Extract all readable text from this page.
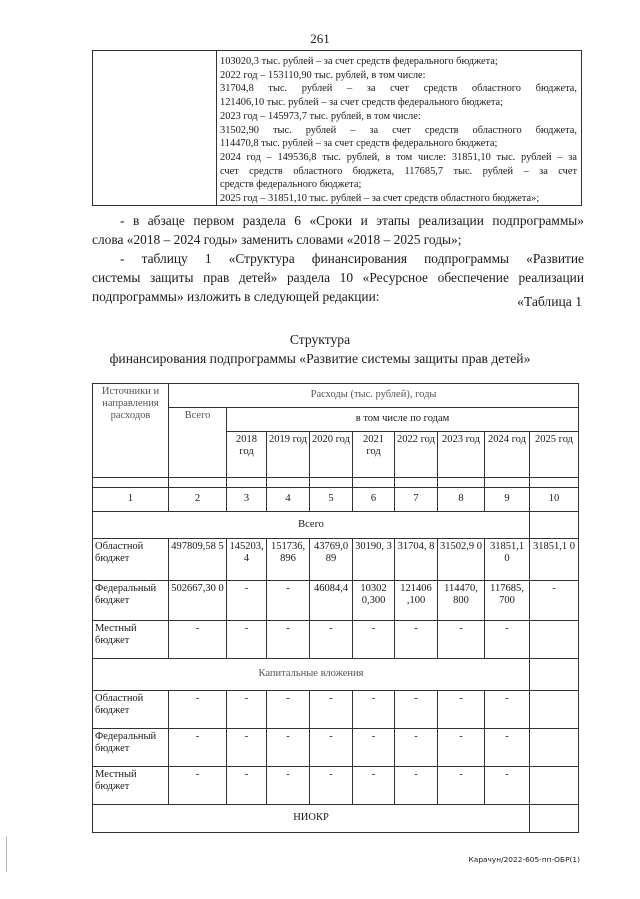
261
103020,3 тыс. рублей – за счет средств федерального бюджета;
2022 год – 153110,90 тыс. рублей, в том числе:
31704,8 тыс. рублей – за счет средств областного бюджета,
121406,10 тыс. рублей – за счет средств федерального бюджета;
2023 год – 145973,7 тыс. рублей, в том числе:
31502,90 тыс. рублей – за счет средств областного бюджета,
114470,8 тыс. рублей – за счет средств федерального бюджета;
2024 год – 149536,8 тыс. рублей, в том числе: 31851,10 тыс. рублей – за
счет средств областного бюджета, 117685,7 тыс. рублей – за счет
средств федерального бюджета;
2025 год – 31851,10 тыс. рублей – за счет средств областного бюджета»;
- в абзаце первом раздела 6 «Сроки и этапы реализации подпрограммы»
слова «2018 – 2024 годы» заменить словами «2018 – 2025 годы»;
- таблицу 1 «Структура финансирования подпрограммы «Развитие
системы защиты прав детей» раздела 10 «Ресурсное обеспечение реализации
подпрограммы» изложить в следующей редакции:	«Таблица 1
Структура
финансирования подпрограммы «Развитие системы защиты прав детей»
Источники и направления расходов	Расходы (тыс. рублей), годы								
	Всего	в том числе по годам							
		2018 год	2019 год	2020 год	2021 год	2022 год	2023 год	2024 год	2025 год

1	2	3	4	5	6	7	8	9	10
Всего									
Областной бюджет	497809,58 5	145203, 4	151736, 896	43769,0 89	30190, 3	31704, 8	31502,9 0	31851,1 0	31851,1 0
Федеральный бюджет	502667,30 0	-	-	46084,4	10302 0,300	121406 ,100	114470, 800	117685, 700	-
Местный бюджет	-	-	-	-	-	-	-	-	
Капитальные вложения									
Областной бюджет	-	-	-	-	-	-	-	-	
Федеральный бюджет	-	-	-	-	-	-	-	-	
Местный бюджет	-	-	-	-	-	-	-	-	
НИОКР									
Карачун/2022-605-пп-ОБР(1)
